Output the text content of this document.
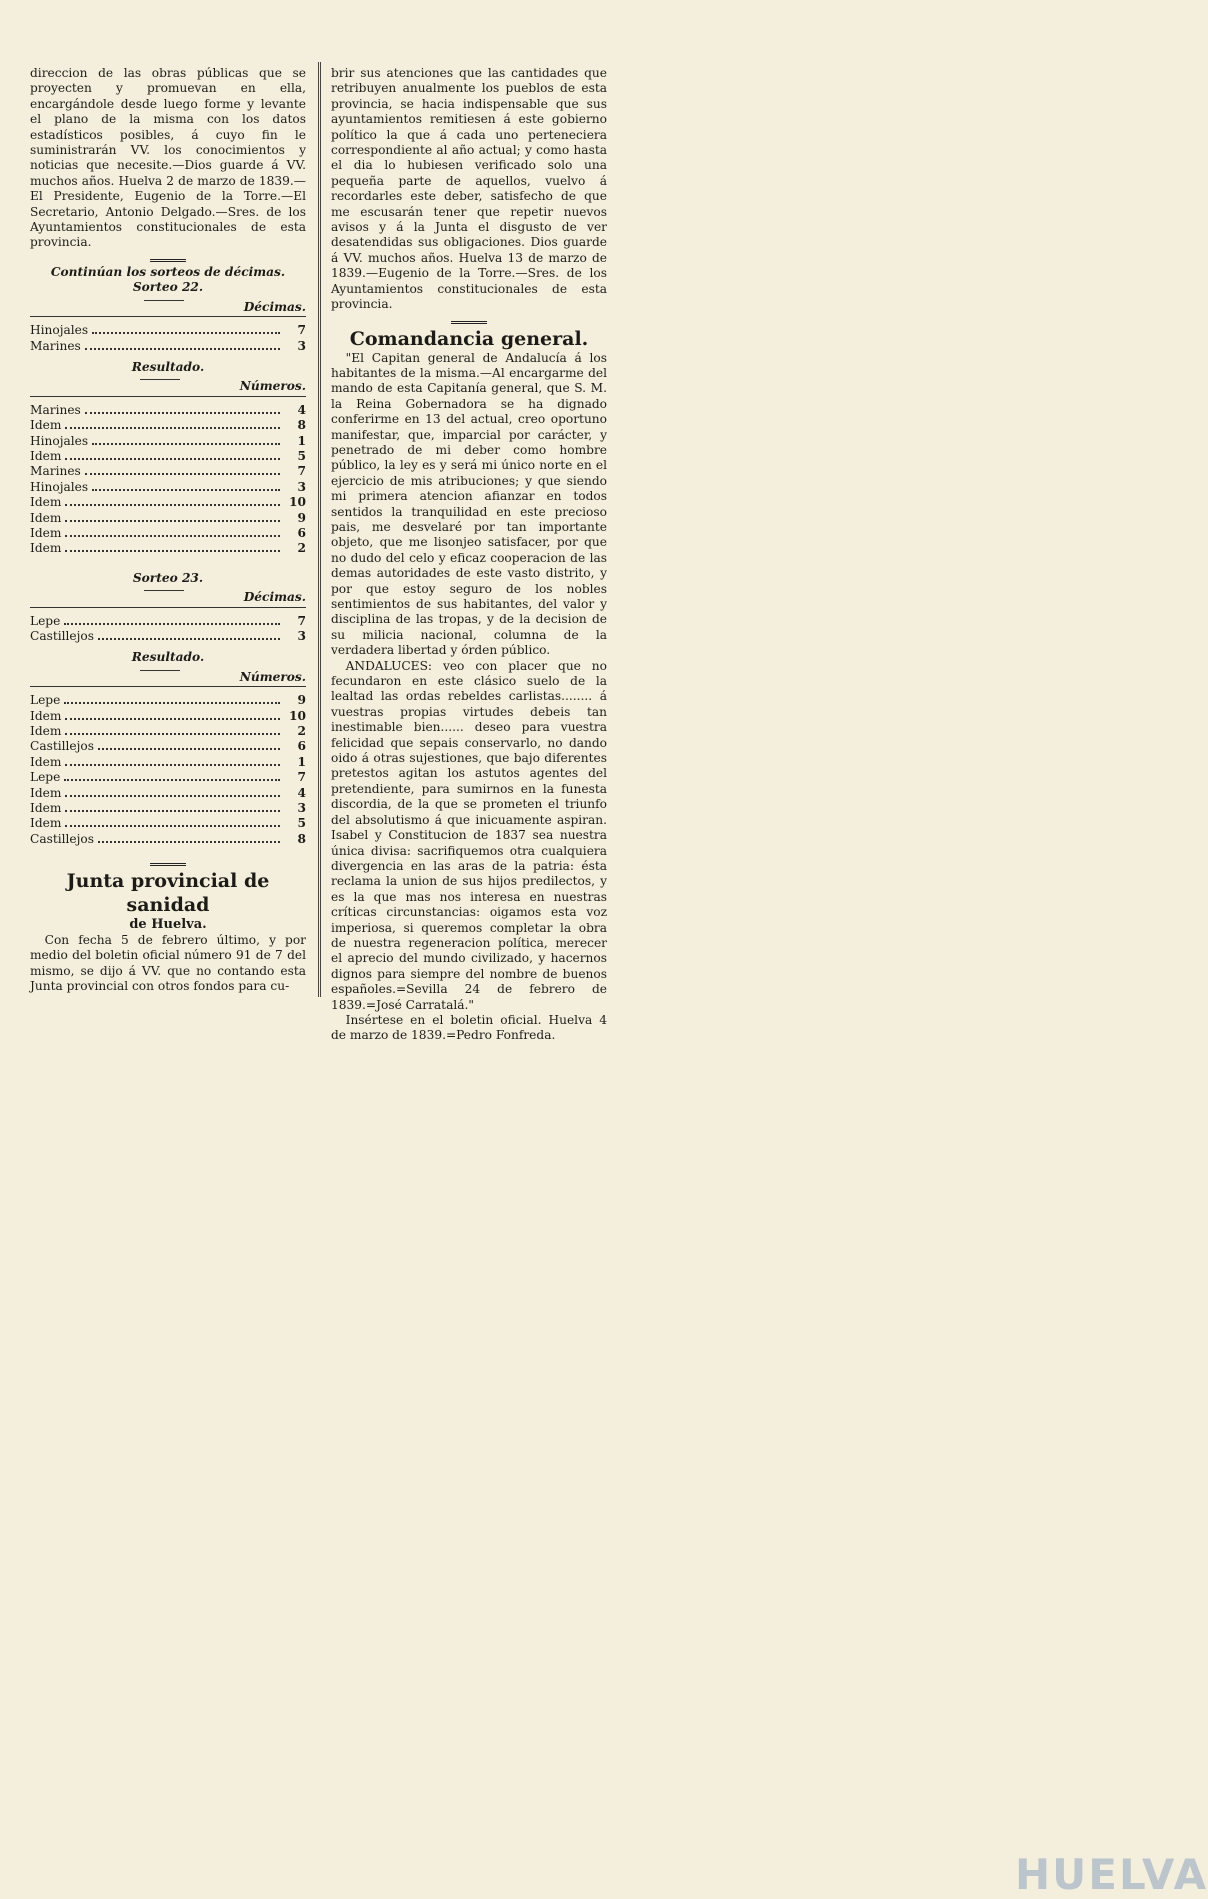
direccion de las obras públicas que se proyecten y promuevan en ella, encargándole desde luego forme y levante el plano de la misma con los datos estadísticos posibles, á cuyo fin le suministrarán VV. los conocimientos y noticias que necesite.—Dios guarde á VV. muchos años. Huelva 2 de marzo de 1839.—El Presidente, Eugenio de la Torre.—El Secretario, Antonio Delgado.—Sres. de los Ayuntamientos constitucionales de esta provincia.

Continúan los sorteos de décimas.

Sorteo 22.

Décimas.
Hinojales	7
Marines	3

Resultado.

Números.
Marines	4
Idem	8
Hinojales	1
Idem	5
Marines	7
Hinojales	3
Idem	10
Idem	9
Idem	6
Idem	2

Sorteo 23.

Décimas.
Lepe	7
Castillejos	3

Resultado.

Números.
Lepe	9
Idem	10
Idem	2
Castillejos	6
Idem	1
Lepe	7
Idem	4
Idem	3
Idem	5
Castillejos	8
Junta provincial de sanidad
de Huelva.

Con fecha 5 de febrero último, y por medio del boletin oficial número 91 de 7 del mismo, se dijo á VV. que no contando esta Junta provincial con otros fondos para cu-

brir sus atenciones que las cantidades que retribuyen anualmente los pueblos de esta provincia, se hacia indispensable que sus ayuntamientos remitiesen á este gobierno político la que á cada uno perteneciera correspondiente al año actual; y como hasta el dia lo hubiesen verificado solo una pequeña parte de aquellos, vuelvo á recordarles este deber, satisfecho de que me escusarán tener que repetir nuevos avisos y á la Junta el disgusto de ver desatendidas sus obligaciones. Dios guarde á VV. muchos años. Huelva 13 de marzo de 1839.—Eugenio de la Torre.—Sres. de los Ayuntamientos constitucionales de esta provincia.

Comandancia general.

"El Capitan general de Andalucía á los habitantes de la misma.—Al encargarme del mando de esta Capitanía general, que S. M. la Reina Gobernadora se ha dignado conferirme en 13 del actual, creo oportuno manifestar, que, imparcial por carácter, y penetrado de mi deber como hombre público, la ley es y será mi único norte en el ejercicio de mis atribuciones; y que siendo mi primera atencion afianzar en todos sentidos la tranquilidad en este precioso pais, me desvelaré por tan importante objeto, que me lisonjeo satisfacer, por que no dudo del celo y eficaz cooperacion de las demas autoridades de este vasto distrito, y por que estoy seguro de los nobles sentimientos de sus habitantes, del valor y disciplina de las tropas, y de la decision de su milicia nacional, columna de la verdadera libertad y órden público.

ANDALUCES: veo con placer que no fecundaron en este clásico suelo de la lealtad las ordas rebeldes carlistas........ á vuestras propias virtudes debeis tan inestimable bien...... deseo para vuestra felicidad que sepais conservarlo, no dando oido á otras sujestiones, que bajo diferentes pretestos agitan los astutos agentes del pretendiente, para sumirnos en la funesta discordia, de la que se prometen el triunfo del absolutismo á que inicuamente aspiran. Isabel y Constitucion de 1837 sea nuestra única divisa: sacrifiquemos otra cualquiera divergencia en las aras de la patria: ésta reclama la union de sus hijos predilectos, y es la que mas nos interesa en nuestras críticas circunstancias: oigamos esta voz imperiosa, si queremos completar la obra de nuestra regeneracion política, merecer el aprecio del mundo civilizado, y hacernos dignos para siempre del nombre de buenos españoles.=Sevilla 24 de febrero de 1839.=José Carratalá."

Insértese en el boletin oficial. Huelva 4 de marzo de 1839.=Pedro Fonfreda.

HUELVA
